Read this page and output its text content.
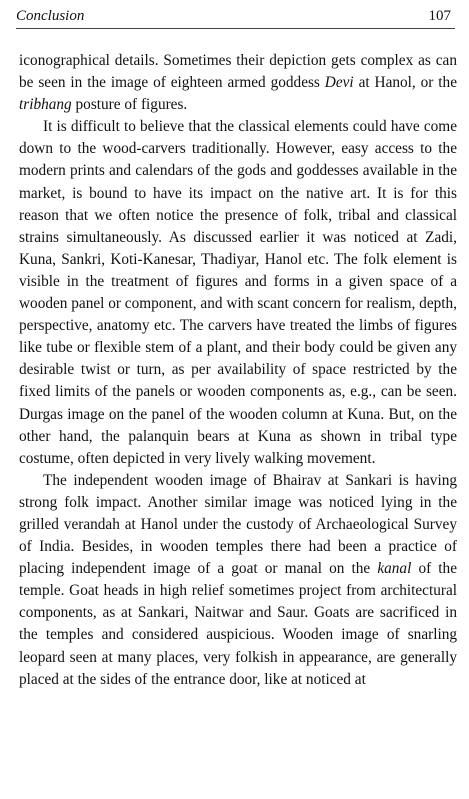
Conclusion	107

iconographical details. Sometimes their depiction gets complex as can be seen in the image of eighteen armed goddess Devi at Hanol, or the tribhang posture of figures.

It is difficult to believe that the classical elements could have come down to the wood-carvers traditionally. However, easy access to the modern prints and calendars of the gods and goddesses available in the market, is bound to have its impact on the native art. It is for this reason that we often notice the presence of folk, tribal and classical strains simultaneously. As discussed earlier it was noticed at Zadi, Kuna, Sankri, Koti-Kanesar, Thadiyar, Hanol etc. The folk element is visible in the treatment of figures and forms in a given space of a wooden panel or component, and with scant concern for realism, depth, perspective, anatomy etc. The carvers have treated the limbs of figures like tube or flexible stem of a plant, and their body could be given any desirable twist or turn, as per availability of space restricted by the fixed limits of the panels or wooden components as, e.g., can be seen. Durgas image on the panel of the wooden column at Kuna. But, on the other hand, the palanquin bears at Kuna as shown in tribal type costume, often depicted in very lively walking movement.

The independent wooden image of Bhairav at Sankari is having strong folk impact. Another similar image was noticed lying in the grilled verandah at Hanol under the custody of Archaeological Survey of India. Besides, in wooden temples there had been a practice of placing independent image of a goat or manal on the kanal of the temple. Goat heads in high relief sometimes project from architectural components, as at Sankari, Naitwar and Saur. Goats are sacrificed in the temples and considered auspicious. Wooden image of snarling leopard seen at many places, very folkish in appearance, are generally placed at the sides of the entrance door, like at noticed at
